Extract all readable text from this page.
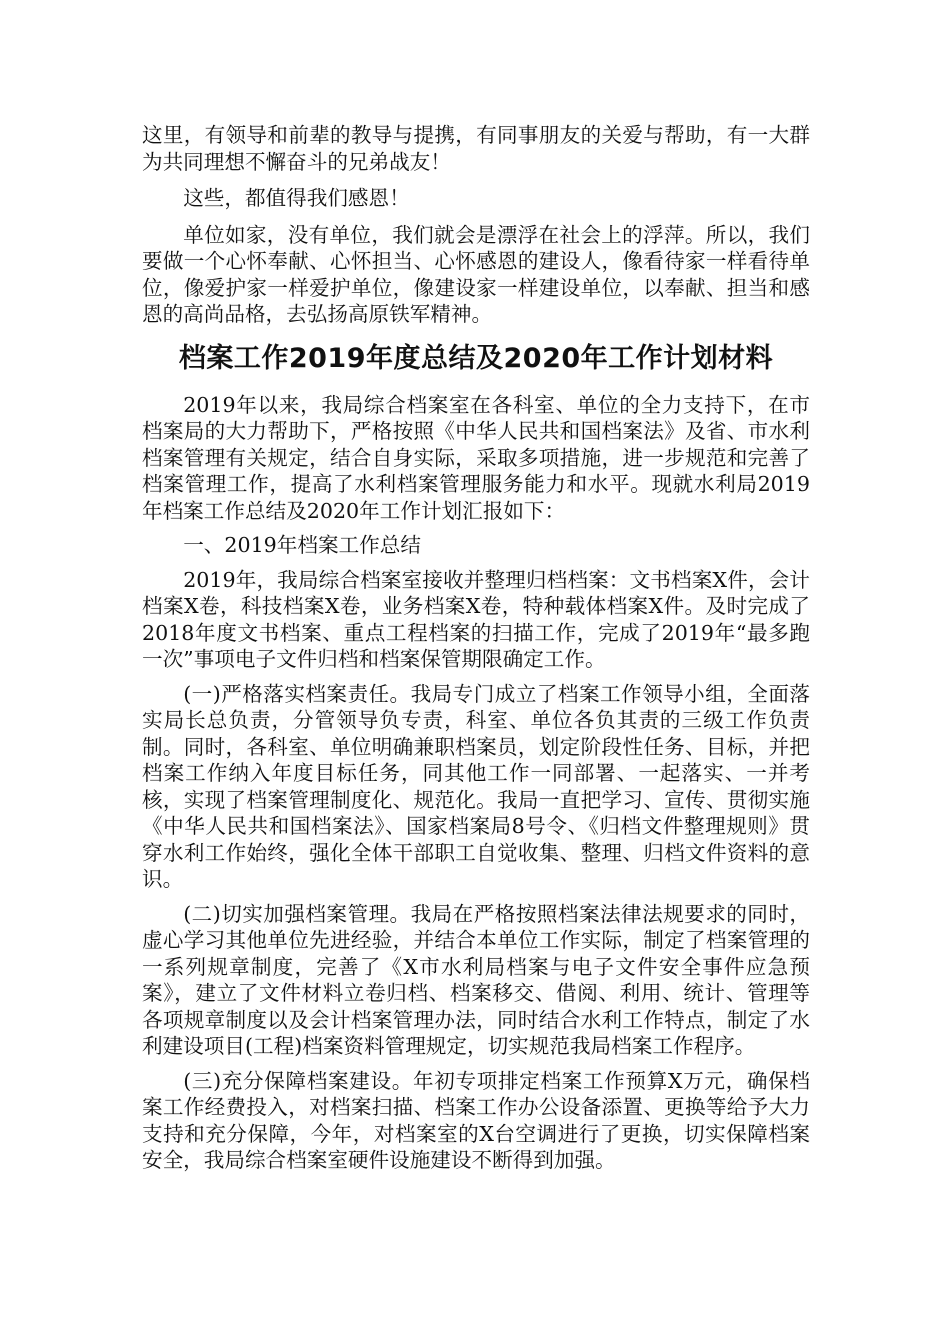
这里，有领导和前辈的教导与提携，有同事朋友的关爱与帮助，有一大群为共同理想不懈奋斗的兄弟战友！

这些，都值得我们感恩！

单位如家，没有单位，我们就会是漂浮在社会上的浮萍。所以，我们要做一个心怀奉献、心怀担当、心怀感恩的建设人，像看待家一样看待单位，像爱护家一样爱护单位，像建设家一样建设单位，以奉献、担当和感恩的高尚品格，去弘扬高原铁军精神。

档案工作2019年度总结及2020年工作计划材料

2019年以来，我局综合档案室在各科室、单位的全力支持下，在市档案局的大力帮助下，严格按照《中华人民共和国档案法》及省、市水利档案管理有关规定，结合自身实际，采取多项措施，进一步规范和完善了档案管理工作，提高了水利档案管理服务能力和水平。现就水利局2019年档案工作总结及2020年工作计划汇报如下：

一、2019年档案工作总结

2019年，我局综合档案室接收并整理归档档案：文书档案X件，会计档案X卷，科技档案X卷，业务档案X卷，特种载体档案X件。及时完成了2018年度文书档案、重点工程档案的扫描工作，完成了2019年“最多跑一次”事项电子文件归档和档案保管期限确定工作。

(一)严格落实档案责任。我局专门成立了档案工作领导小组，全面落实局长总负责，分管领导负专责，科室、单位各负其责的三级工作负责制。同时，各科室、单位明确兼职档案员，划定阶段性任务、目标，并把档案工作纳入年度目标任务，同其他工作一同部署、一起落实、一并考核，实现了档案管理制度化、规范化。我局一直把学习、宣传、贯彻实施《中华人民共和国档案法》、国家档案局8号令、《归档文件整理规则》贯穿水利工作始终，强化全体干部职工自觉收集、整理、归档文件资料的意识。

(二)切实加强档案管理。我局在严格按照档案法律法规要求的同时，虚心学习其他单位先进经验，并结合本单位工作实际，制定了档案管理的一系列规章制度，完善了《X市水利局档案与电子文件安全事件应急预案》，建立了文件材料立卷归档、档案移交、借阅、利用、统计、管理等各项规章制度以及会计档案管理办法，同时结合水利工作特点，制定了水利建设项目(工程)档案资料管理规定，切实规范我局档案工作程序。

(三)充分保障档案建设。年初专项排定档案工作预算X万元，确保档案工作经费投入，对档案扫描、档案工作办公设备添置、更换等给予大力支持和充分保障，今年，对档案室的X台空调进行了更换，切实保障档案安全，我局综合档案室硬件设施建设不断得到加强。
